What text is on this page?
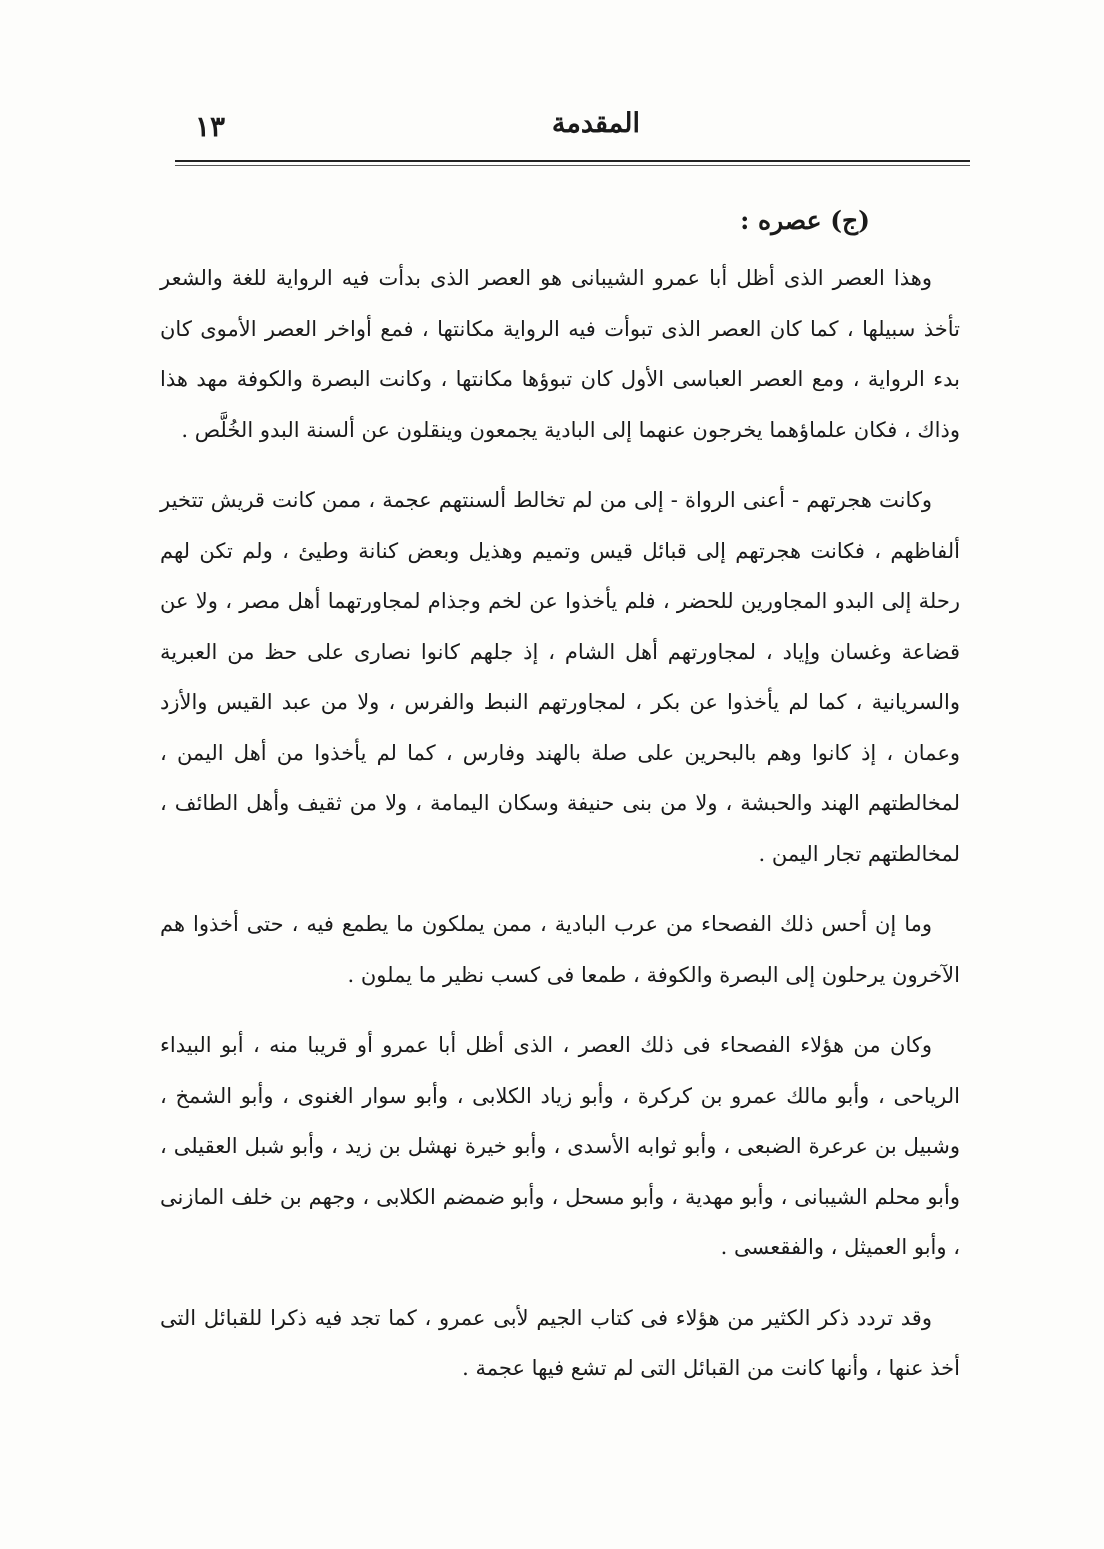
المقدمة
١٣
(ج) عصره :

وهذا العصر الذى أظل أبا عمرو الشيبانى هو العصر الذى بدأت فيه الرواية للغة والشعر تأخذ سبيلها ، كما كان العصر الذى تبوأت فيه الرواية مكانتها ، فمع أواخر العصر الأموى كان بدء الرواية ، ومع العصر العباسى الأول كان تبوؤها مكانتها ، وكانت البصرة والكوفة مهد هذا وذاك ، فكان علماؤهما يخرجون عنهما إلى البادية يجمعون وينقلون عن ألسنة البدو الخُلَّص .

وكانت هجرتهم - أعنى الرواة - إلى من لم تخالط ألسنتهم عجمة ، ممن كانت قريش تتخير ألفاظهم ، فكانت هجرتهم إلى قبائل قيس وتميم وهذيل وبعض كنانة وطيئ ، ولم تكن لهم رحلة إلى البدو المجاورين للحضر ، فلم يأخذوا عن لخم وجذام لمجاورتهما أهل مصر ، ولا عن قضاعة وغسان وإياد ، لمجاورتهم أهل الشام ، إذ جلهم كانوا نصارى على حظ من العبرية والسريانية ، كما لم يأخذوا عن بكر ، لمجاورتهم النبط والفرس ، ولا من عبد القيس والأزد وعمان ، إذ كانوا وهم بالبحرين على صلة بالهند وفارس ، كما لم يأخذوا من أهل اليمن ، لمخالطتهم الهند والحبشة ، ولا من بنى حنيفة وسكان اليمامة ، ولا من ثقيف وأهل الطائف ، لمخالطتهم تجار اليمن .

وما إن أحس ذلك الفصحاء من عرب البادية ، ممن يملكون ما يطمع فيه ، حتى أخذوا هم الآخرون يرحلون إلى البصرة والكوفة ، طمعا فى كسب نظير ما يملون .

وكان من هؤلاء الفصحاء فى ذلك العصر ، الذى أظل أبا عمرو أو قريبا منه ، أبو البيداء الرياحى ، وأبو مالك عمرو بن كركرة ، وأبو زياد الكلابى ، وأبو سوار الغنوى ، وأبو الشمخ ، وشبيل بن عرعرة الضبعى ، وأبو ثوابه الأسدى ، وأبو خيرة نهشل بن زيد ، وأبو شبل العقيلى ، وأبو محلم الشيبانى ، وأبو مهدية ، وأبو مسحل ، وأبو ضمضم الكلابى ، وجهم بن خلف المازنى ، وأبو العميثل ، والفقعسى .

وقد تردد ذكر الكثير من هؤلاء فى كتاب الجيم لأبى عمرو ، كما تجد فيه ذكرا للقبائل التى أخذ عنها ، وأنها كانت من القبائل التى لم تشع فيها عجمة .
